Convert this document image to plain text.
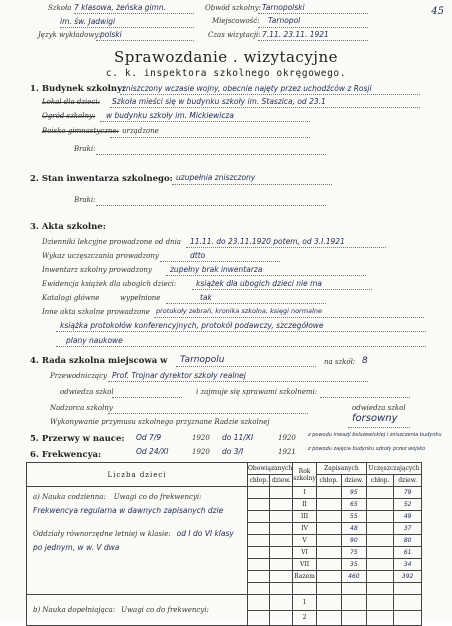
Szkoła 7 klasowa, żeńska gimn.
im. św. Jadwigi
Język wykładowy: polski
Obwód szkolny: Tarnopolski
Miejscowość: Tarnopol
Czas wizytacji: 7.11. 23.11. 1921
45
Sprawozdanie . wizytacyjne
c. k. inspektora szkolnego okręgowego.
1. Budynek szkolny:
zniszczony wczasie wojny, obecnie najęty przez uchodźców z Rosji
Lokal dla dzieci: Szkoła mieści się w budynku szkoły im. Staszica, od 23.1
Ogród szkolny: w budynku szkoły im. Mickiewicza
Boisko gimnastyczne: urządzone
Braki:
2. Stan inwentarza szkolnego: uzupełnia zniszczony
Braki:
3. Akta szkolne:
Dzienniki lekcyjne prowadzone od dnia 11.11. do 23.11.1920 potem, od 3.I.1921
Wykaz uczęszczania prowadzony	dtto
Inwentarz szkolny prowadzony zupełny brak inwentarza
Ewidencja książek dla ubogich dzieci:	książek dla ubogich dzieci nie ma
Katalogi główne	wypełnione	tak
Inne akta szkolne prowadzone protokoły zebrań, kronika szkolna, księgi normalne
książka protokołów konferencyjnych, protokół podawczy, szczegółowe
plany naukowe
4. Rada szkolna miejscowa w Tarnopolu	na szkół: 8
Przewodniczący Prof. Trojnar dyrektor szkoły realnej
odwiedza szkol	i zajmuje się sprawami szkolnemi:
Nadzorca szkolny	odwiedza szkol
Wykonywanie przymusu szkolnego przyznane Radzie szkolnej	forsowny
5. Przerwy w nauce: Od 7/9	1920 do 11/XI	1920 z powodu inwazji bolszewickiej i zniszczenia budynku
Od 24/XI	1920 do 3/I	1921 z powodu zajęcia budynku szkoły przez wojsko
6. Frekwencya:
Liczba dzieci	Obowiązanych		Rok szkolny	Zapisanych		Uczęszczających	
	chłop.	dziew.		chłop.	dziew.	chłop.	dziew.

a) Nauka codzienna: Uwagi co do frekwencyi:
Frekwencya regularna w dawnych zapisanych dzie
Oddziały równorzędne letniej w klasie: od I do VI klasy
po jednym, w w. V dwa			I		95		79
			II		65		52
			III		55		49
			IV		48		37
			V		90		80
			VI		75		61
			VII		35		34
			Razem		460		392

b) Nauka dopełniająca: Uwagi co do frekwencyi:			1				
			2				
